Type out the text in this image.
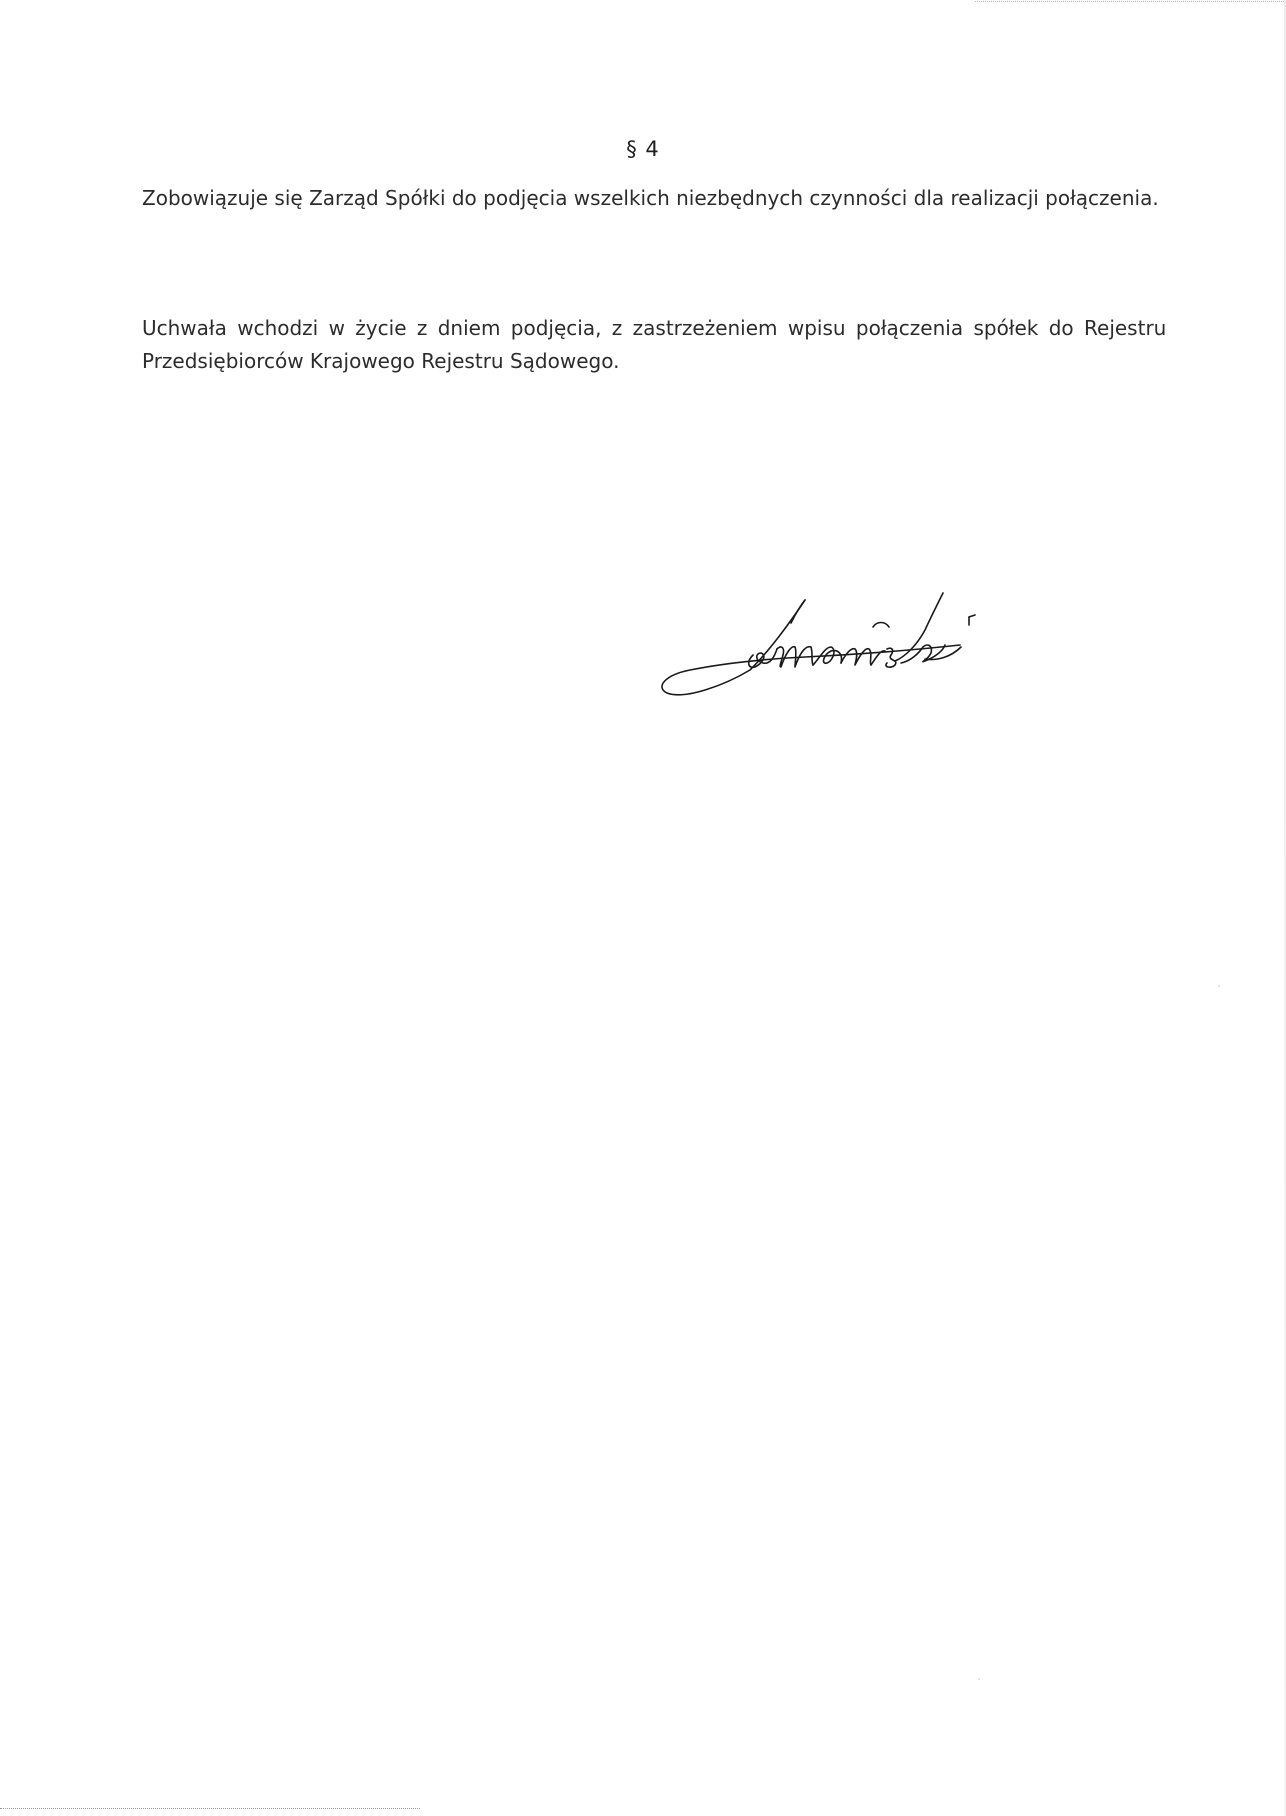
§ 4

Zobowiązuje się Zarząd Spółki do podjęcia wszelkich niezbędnych czynności dla realizacji połączenia.

Uchwała wchodzi w życie z dniem podjęcia, z zastrzeżeniem wpisu połączenia spółek do Rejestru

Przedsiębiorców Krajowego Rejestru Sądowego.
